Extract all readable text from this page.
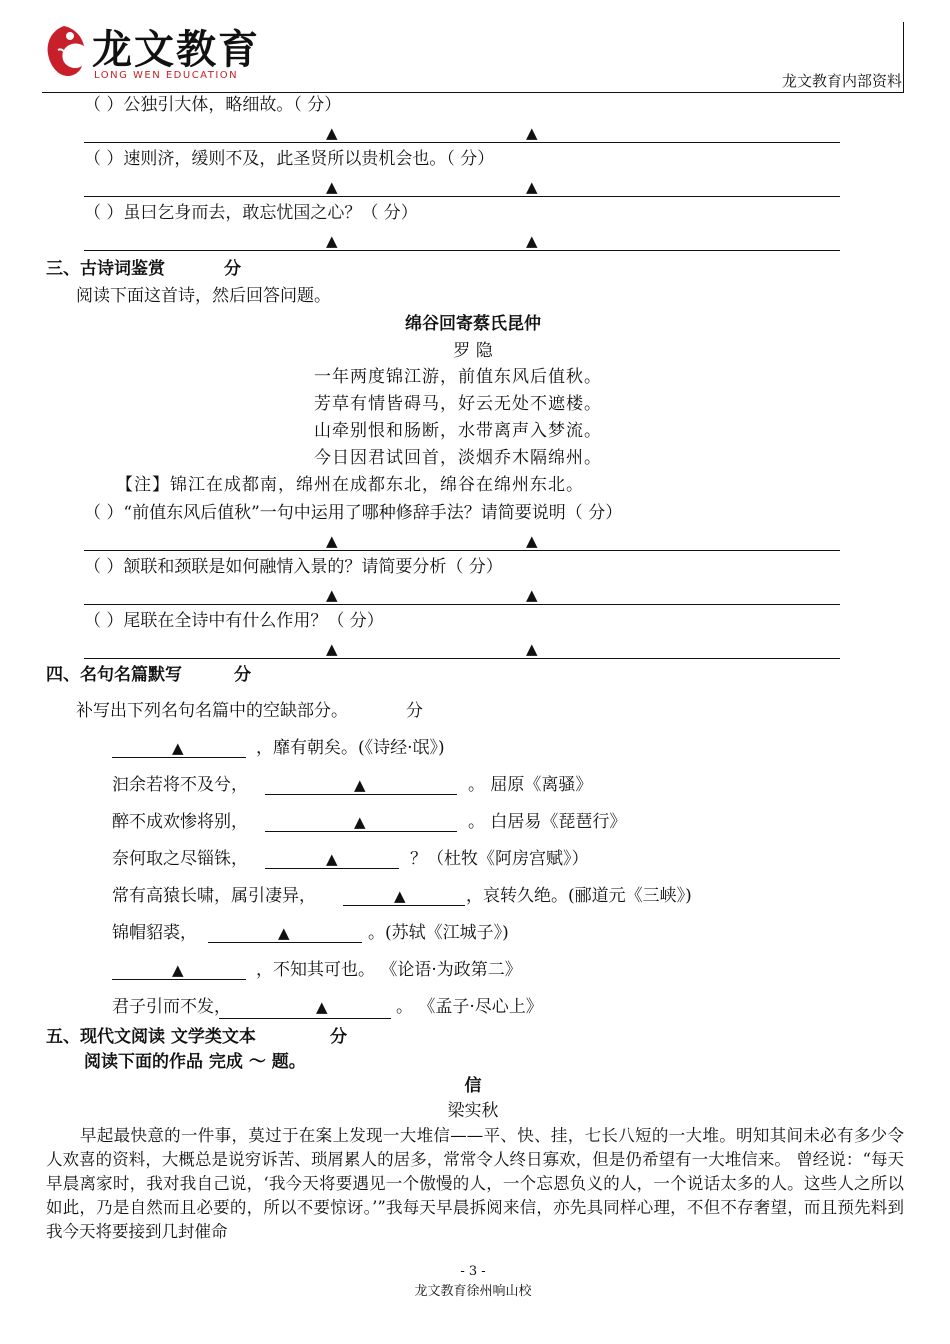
龙文教育
LONG WEN EDUCATION	龙文教育内部资料
（ ）公独引大体，略细故。（ 分）
▲	▲
（ ）速则济，缓则不及，此圣贤所以贵机会也。（ 分）
▲	▲
（ ）虽曰乞身而去，敢忘忧国之心？（ 分）
▲	▲
三、古诗词鉴赏	分
阅读下面这首诗，然后回答问题。
绵谷回寄蔡氏昆仲
罗 隐
一年两度锦江游，前值东风后值秋。
芳草有情皆碍马，好云无处不遮楼。
山牵别恨和肠断，水带离声入梦流。
今日因君试回首，淡烟乔木隔绵州。
【注】锦江在成都南，绵州在成都东北，绵谷在绵州东北。
（ ）“前值东风后值秋”一句中运用了哪种修辞手法？请简要说明（ 分）
▲	▲
（ ）颔联和颈联是如何融情入景的？请简要分析（ 分）
▲	▲
（ ）尾联在全诗中有什么作用？（ 分）
▲	▲
四、名句名篇默写	分
补写出下列名句名篇中的空缺部分。	分
▲	，靡有朝矣。(《诗经·氓》)
汩余若将不及兮，	▲	。 屈原《离骚》
醉不成欢惨将别，	▲	。 白居易《琵琶行》
奈何取之尽锱铢，	▲	？（杜牧《阿房宫赋》）
常有高猿长啸，属引凄异，	▲	，哀转久绝。(郦道元《三峡》)
锦帽貂裘，	▲	。(苏轼《江城子》)
▲	，不知其可也。 《论语·为政第二》
君子引而不发，	▲	。 《孟子·尽心上》
五、现代文阅读 文学类文本	分
阅读下面的作品 完成 ～ 题。
信
梁实秋
早起最快意的一件事，莫过于在案上发现一大堆信——平、快、挂，七长八短的一大堆。明知其间未必有多少令人欢喜的资料，大概总是说穷诉苦、琐屑累人的居多，常常令人终日寡欢，但是仍希望有一大堆信来。 曾经说：“每天早晨离家时，我对我自己说，‘我今天将要遇见一个傲慢的人，一个忘恩负义的人，一个说话太多的人。这些人之所以如此，乃是自然而且必要的，所以不要惊讶。’”我每天早晨拆阅来信，亦先具同样心理，不但不存奢望，而且预先料到我今天将要接到几封催命
- 3 -
龙文教育徐州响山校
